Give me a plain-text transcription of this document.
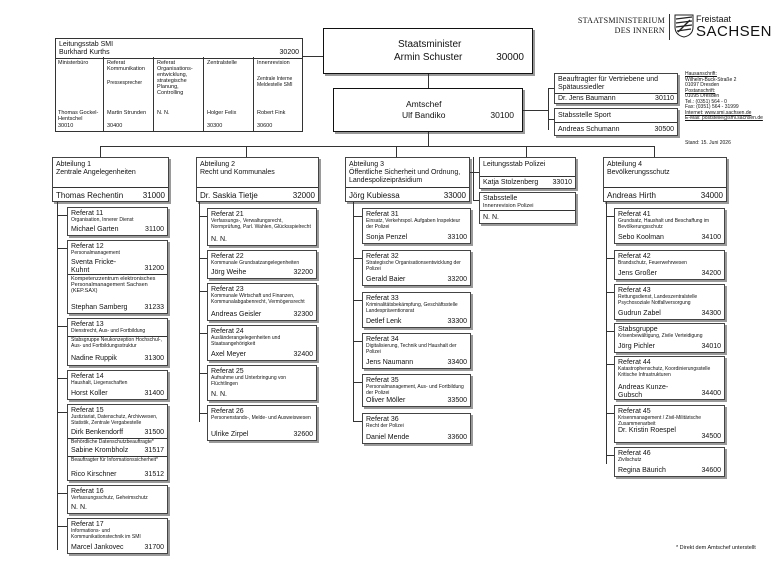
STAATSMINISTERIUM
DES INNERN
Freistaat
SACHSEN
Hausanschrift:
Wilhelm-Buck-Straße 2
01097 Dresden
Postanschrift:
01095 Dresden
Tel.: (0351) 564 - 0
Fax: (0351) 564 - 31999
Internet: www.smi.sachsen.de
E-Mail: poststelle@smi.sachsen.de
Stand: 15. Juni 2026
Leitungsstab SMI
Burkhard Kurths	30200
Ministerbüro
Thomas Gockel-Hentschel
30010
Referat Kommunikation
Pressesprecher
Martin Strunden
30400
Referat Organisations-entwicklung, strategische Planung, Controlling
N. N.
Zentralstelle
Holger Felix
30300
Innenrevision
Zentrale Interne Meldestelle SMI
Robert Fink
30600
Staatsminister
Armin Schuster	30000
Amtschef
Ulf Bandiko	30100
Beauftragter für Vertriebene und Spätaussiedler
Dr. Jens Baumann	30110
Stabsstelle Sport
Andreas Schumann	30500
Abteilung 1
Zentrale Angelegenheiten
Thomas Rechentin 31000
Abteilung 2
Recht und Kommunales
Dr. Saskia Tietje	32000
Abteilung 3
Öffentliche Sicherheit und Ordnung, Landespolizeipräsidium
Jörg Kubiessa	33000
Abteilung 4
Bevölkerungsschutz
Andreas Hirth	34000
Leitungsstab Polizei
Katja Stolzenberg 33010
Stabsstelle
Innenrevision Polizei
N. N.
Referat 11
Organisation, Innerer Dienst
Michael Garten	31100
Referat 12
Personalmanagement
Sventa Fricke-Kuhnt	31200
Kompetenzzentrum elektronisches Personalmanagement Sachsen (KEP.SAX)
Stephan Samberg 31233
Referat 13
Dienstrecht, Aus- und Fortbildung
Nadine Ruppik	31300
Stabsgruppe Neukonzeption Hochschul-, Aus- und Fortbildungsstruktur
Referat 14
Haushalt, Liegenschaften
Horst Koller	31400
Referat 15
Justiziariat, Datenschutz, Archivwesen, Statistik, Zentrale Vergabestelle
Dirk Benkendorff	31500
Behördliche Datenschutzbeauftragte*
Sabine Krombholz 31517
Beauftragter für Informationssicherheit*
Rico Kirschner	31512
Referat 16
Verfassungsschutz, Geheimschutz
N. N.
Referat 17
Informations- und Kommunikationstechnik im SMI
Marcel Jankovec	31700
Referat 21
Verfassungs-, Verwaltungsrecht, Normprüfung, Parl. Wahlen, Glücksspielrecht
N. N.
Referat 22
Kommunale Grundsatzangelegenheiten
Jörg Weihe	32200
Referat 23
Kommunale Wirtschaft und Finanzen, Kommunalabgabenrecht, Vermögensrecht
Andreas Geisler	32300
Referat 24
Ausländerangelegenheiten und Staatsangehörigkeit
Axel Meyer	32400
Referat 25
Aufnahme und Unterbringung von Flüchtlingen
N. N.
Referat 26
Personenstands-, Melde- und Ausweiswesen
Ulrike Zirpel	32600
Referat 31
Einsatz, Verkehrspol. Aufgaben Inspekteur der Polizei
Sonja Penzel	33100
Referat 32
Strategische Organisationsentwicklung der Polizei
Gerald Baier	33200
Referat 33
Kriminalitätsbekämpfung, Geschäftsstelle Landespräventionsrat
Detlef Lenk	33300
Referat 34
Digitalisierung, Technik und Haushalt der Polizei
Jens Naumann	33400
Referat 35
Personalmanagement, Aus- und Fortbildung der Polizei
Oliver Möller	33500
Referat 36
Recht der Polizei
Daniel Mende	33600
Referat 41
Grundsatz, Haushalt und Beschaffung im Bevölkerungsschutz
Sebo Koolman	34100
Referat 42
Brandschutz, Feuerwehrwesen
Jens Großer	34200
Referat 43
Rettungsdienst, Landeszentralstelle Psychosoziale Notfallversorgung
Gudrun Zabel	34300
Stabsgruppe
Krisenbewältigung, Zivile Verteidigung
Jörg Pichler	34010
Referat 44
Katastrophenschutz, Koordinierungsstelle Kritische Infrastrukturen
Andreas Kunze-Gubsch	34400
Referat 45
Krisenmanagement / Zivil-Militärische Zusammenarbeit
Dr. Kristin Roespel
34500
Referat 46
Zivilschutz
Regina Bäurich	34600
* Direkt dem Amtschef unterstellt
